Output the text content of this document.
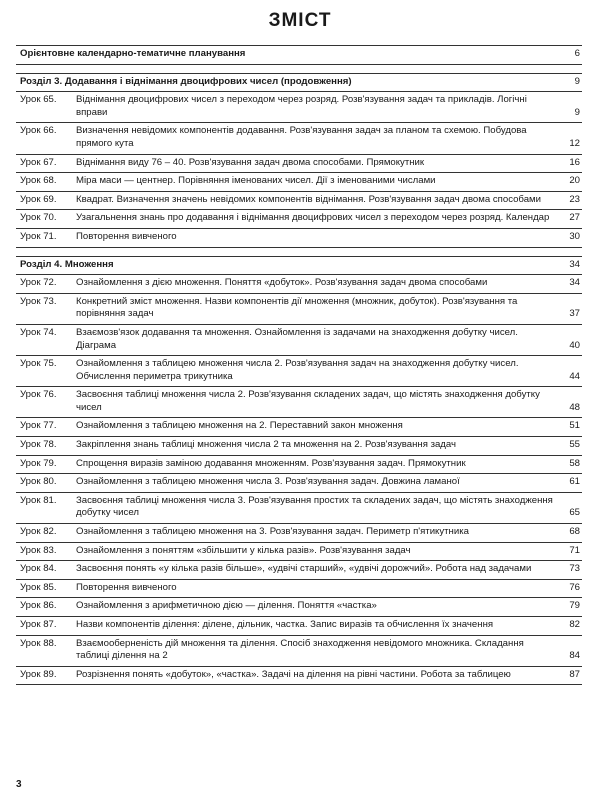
ЗМІСТ
Орієнтовне календарно-тематичне планування	6
Розділ 3. Додавання і віднімання двоцифрових чисел (продовження)	9
Урок 65.	Віднімання двоцифрових чисел з переходом через розряд. Розв'язування задач та прикладів. Логічні вправи	9
Урок 66.	Визначення невідомих компонентів додавання. Розв'язування задач за планом та схемою. Побудова прямого кута	12
Урок 67.	Віднімання виду 76 – 40. Розв'язування задач двома способами. Прямокутник	16
Урок 68.	Міра маси — центнер. Порівняння іменованих чисел. Дії з іменованими числами	20
Урок 69.	Квадрат. Визначення значень невідомих компонентів віднімання. Розв'язування задач двома способами	23
Урок 70.	Узагальнення знань про додавання і віднімання двоцифрових чисел з переходом через розряд. Календар	27
Урок 71.	Повторення вивченого	30
Розділ 4. Множення	34
Урок 72.	Ознайомлення з дією множення. Поняття «добуток». Розв'язування задач двома способами	34
Урок 73.	Конкретний зміст множення. Назви компонентів дії множення (множник, добуток). Розв'язування та порівняння задач	37
Урок 74.	Взаємозв'язок додавання та множення. Ознайомлення із задачами на знаходження добутку чисел. Діаграма	40
Урок 75.	Ознайомлення з таблицею множення числа 2. Розв'язування задач на знаходження добутку чисел. Обчислення периметра трикутника	44
Урок 76.	Засвоєння таблиці множення числа 2. Розв'язування складених задач, що містять знаходження добутку чисел	48
Урок 77.	Ознайомлення з таблицею множення на 2. Переставний закон множення	51
Урок 78.	Закріплення знань таблиці множення числа 2 та множення на 2. Розв'язування задач	55
Урок 79.	Спрощення виразів заміною додавання множенням. Розв'язування задач. Прямокутник	58
Урок 80.	Ознайомлення з таблицею множення числа 3. Розв'язування задач. Довжина ламаної	61
Урок 81.	Засвоєння таблиці множення числа 3. Розв'язування простих та складених задач, що містять знаходження добутку чисел	65
Урок 82.	Ознайомлення з таблицею множення на 3. Розв'язування задач. Периметр п'ятикутника	68
Урок 83.	Ознайомлення з поняттям «збільшити у кілька разів». Розв'язування задач	71
Урок 84.	Засвоєння понять «у кілька разів більше», «удвічі старший», «удвічі дорожчий». Робота над задачами	73
Урок 85.	Повторення вивченого	76
Урок 86.	Ознайомлення з арифметичною дією — ділення. Поняття «частка»	79
Урок 87.	Назви компонентів ділення: ділене, дільник, частка. Запис виразів та обчислення їх значення	82
Урок 88.	Взаємоoбернeність дій множення та ділення. Спосіб знаходження невідомого множника. Складання таблиці ділення на 2	84
Урок 89.	Розрізнення понять «добуток», «частка». Задачі на ділення на рівні частини. Робота за таблицею	87
3
